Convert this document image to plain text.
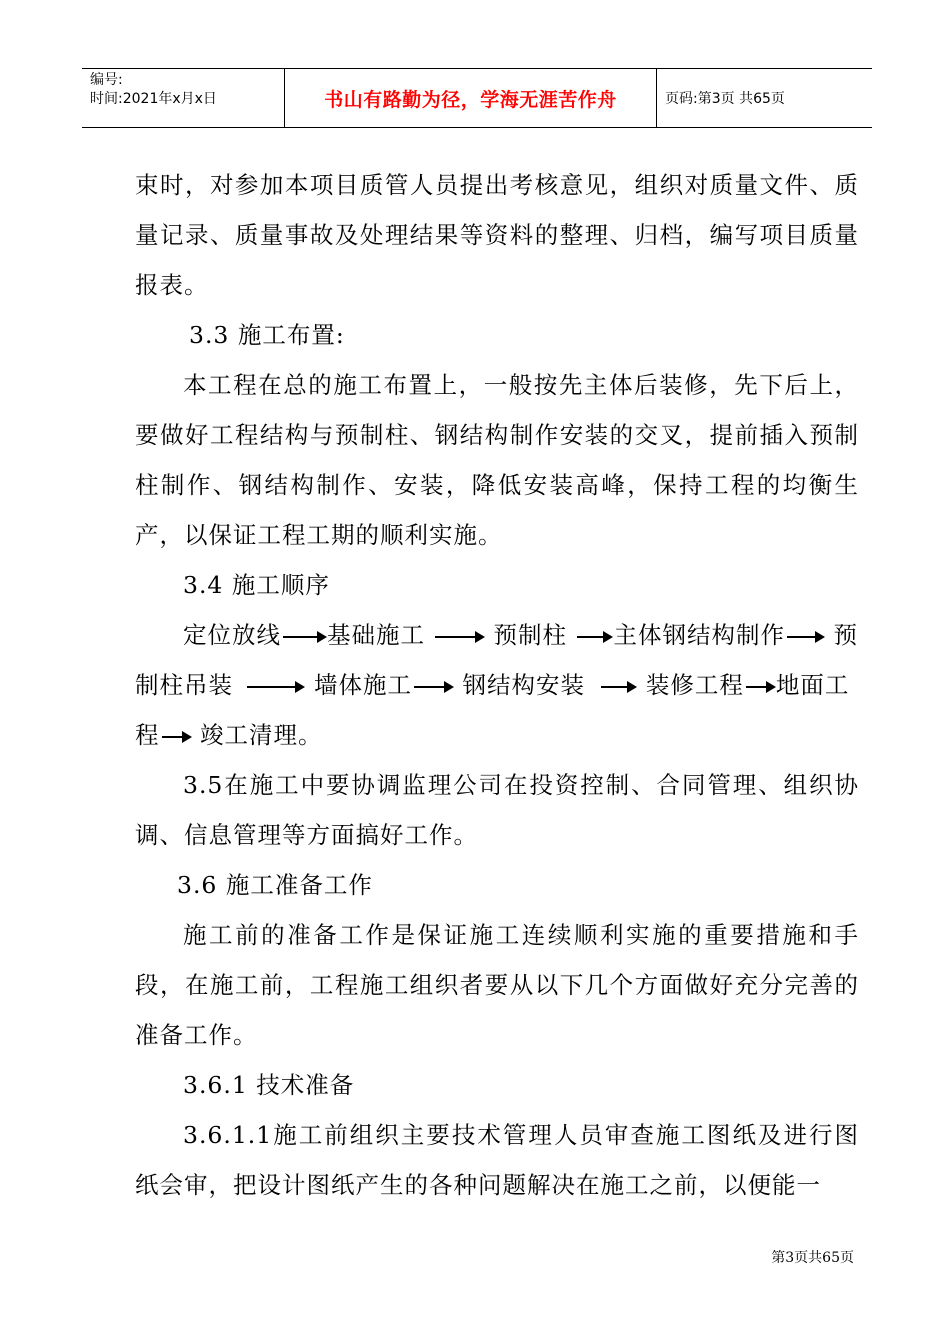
编号:
时间:2021年x月x日	书山有路勤为径，学海无涯苦作舟	页码:第3页 共65页

束时，对参加本项目质管人员提出考核意见，组织对质量文件、质量记录、质量事故及处理结果等资料的整理、归档，编写项目质量报表。

3.3 施工布置:

本工程在总的施工布置上，一般按先主体后装修，先下后上，要做好工程结构与预制柱、钢结构制作安装的交叉，提前插入预制柱制作、钢结构制作、安装，降低安装高峰，保持工程的均衡生产，以保证工程工期的顺利实施。

3.4 施工顺序

定位放线 基础施工	预制柱 主体钢结构制作 预制柱吊装	墙体施工 钢结构安装	装修工程 地面工程 竣工清理。

3.5在施工中要协调监理公司在投资控制、合同管理、组织协调、信息管理等方面搞好工作。

3.6 施工准备工作

施工前的准备工作是保证施工连续顺利实施的重要措施和手段，在施工前，工程施工组织者要从以下几个方面做好充分完善的准备工作。

3.6.1 技术准备

3.6.1.1施工前组织主要技术管理人员审查施工图纸及进行图纸会审，把设计图纸产生的各种问题解决在施工之前，以便能一

第3页共65页
